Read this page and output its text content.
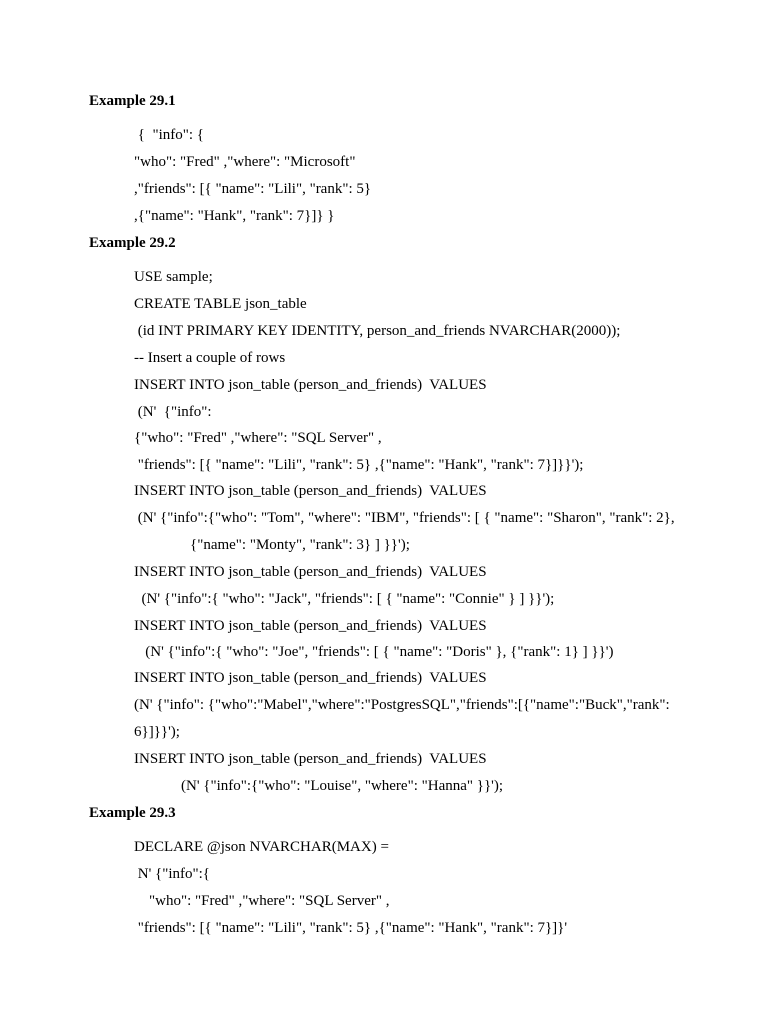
Example 29.1
{  "info": {
"who": "Fred" ,"where": "Microsoft"
,"friends": [{ "name": "Lili", "rank": 5}
,{"name": "Hank", "rank": 7}]} }
Example 29.2
USE sample;
CREATE TABLE json_table
(id INT PRIMARY KEY IDENTITY, person_and_friends NVARCHAR(2000));
-- Insert a couple of rows
INSERT INTO json_table (person_and_friends)  VALUES
(N'  {"info":
{"who": "Fred" ,"where": "SQL Server" ,
"friends": [{ "name": "Lili", "rank": 5} ,{"name": "Hank", "rank": 7}]}}');
INSERT INTO json_table (person_and_friends)  VALUES
(N' {"info":{"who": "Tom", "where": "IBM", "friends": [ { "name": "Sharon", "rank": 2},
{"name": "Monty", "rank": 3} ] }}');
INSERT INTO json_table (person_and_friends)  VALUES
(N' {"info":{ "who": "Jack", "friends": [ { "name": "Connie" } ] }}');
INSERT INTO json_table (person_and_friends)  VALUES
(N' {"info":{ "who": "Joe", "friends": [ { "name": "Doris" }, {"rank": 1} ] }}')
INSERT INTO json_table (person_and_friends)  VALUES
(N' {"info": {"who":"Mabel","where":"PostgresSQL","friends":[{"name":"Buck","rank":
6}]}}');
INSERT INTO json_table (person_and_friends)  VALUES
(N' {"info":{"who": "Louise", "where": "Hanna" }}');
Example 29.3
DECLARE @json NVARCHAR(MAX) =
N' {"info":{
"who": "Fred" ,"where": "SQL Server" ,
"friends": [{ "name": "Lili", "rank": 5} ,{"name": "Hank", "rank": 7}]}'
